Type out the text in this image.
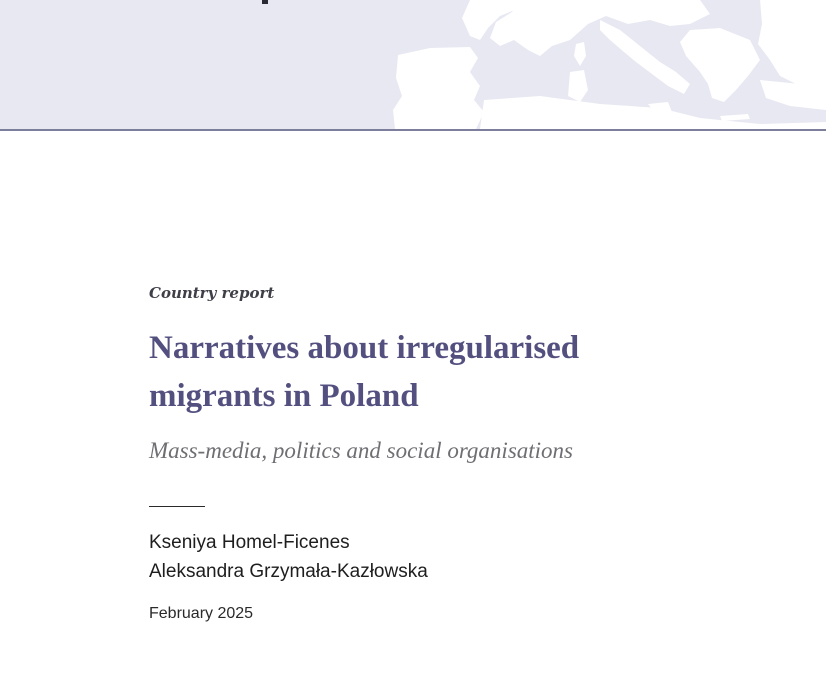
Country report
Narratives about irregularised
migrants in Poland
Mass-media, politics and social organisations
Kseniya Homel-Ficenes
Aleksandra Grzymała-Kazłowska
February 2025
